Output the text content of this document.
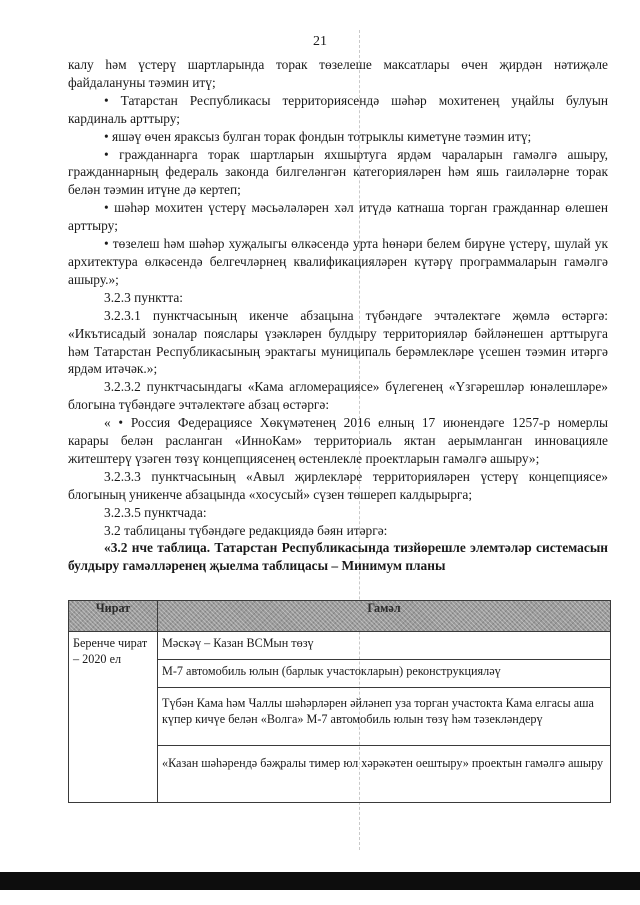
21

калу һәм үстерү шартларында торак төзелеше максатлары өчен җирдән нәтиҗәле файдалануны тәэмин итү;

• Татарстан Республикасы территориясендә шәһәр мохитенең уңайлы булуын кардиналь арттыру;

• яшәү өчен яраксыз булган торак фондын тотрыклы киметүне тәэмин итү;

• гражданнарга торак шартларын яхшыртуга ярдәм чараларын гамәлгә ашыру, гражданнарның федераль законда билгеләнгән категорияләрен һәм яшь гаиләләрне торак белән тәэмин итүне дә кертеп;

• шәһәр мохитен үстерү мәсьәләләрен хәл итүдә катнаша торган гражданнар өлешен арттыру;

• төзелеш һәм шәһәр хуҗалыгы өлкәсендә урта һөнәри белем бирүне үстерү, шулай ук архитектура өлкәсендә белгечләрнең квалификацияләрен күтәрү программаларын гамәлгә ашыру.»;

3.2.3 пунктта:

3.2.3.1 пунктчасының икенче абзацына түбәндәге эчтәлектәге җөмлә өстәргә: «Икътисадый зоналар пояслары үзәкләрен булдыру территорияләр бәйләнешен арттыруга һәм Татарстан Республикасының эрактагы муниципаль берәмлекләре үсешен тәэмин итәргә ярдәм итәчәк.»;

3.2.3.2 пунктчасындагы «Кама агломерациясе» бүлегенең «Үзгәрешләр юнәлешләре» блогына түбәндәге эчтәлектәге абзац өстәргә:

« • Россия Федерациясе Хөкүмәтенең 2016 елның 17 июнендәге 1257-р номерлы карары белән расланган «ИнноКам» территориаль яктан аерымланган инновацияле житештерү үзәген төзү концепциясенең өстенлекле проектларын гамәлгә ашыру»;

3.2.3.3 пунктчасының «Авыл җирлекләре территорияләрен үстерү концепциясе» блогының уникенче абзацында «хосусый» сүзен төшереп калдырырга;

3.2.3.5 пунктчада:

3.2 таблицаны түбәндәге редакциядә бәян итәргә:

«3.2 нче таблица. Татарстан Республикасында тизйөрешле элемтәләр системасын булдыру гамәлләренең җыелма таблицасы – Минимум планы

Чират	Гамәл
Беренче чират – 2020 ел	Мәскәү – Казан ВСМын төзү
	М-7 автомобиль юлын (барлык участокларын) реконструкцияләү
	Түбән Кама һәм Чаллы шәһәрләрен әйләнеп уза торган участокта Кама елгасы аша күпер кичүе белән «Волга» М-7 автомобиль юлын төзү һәм тәзекләндерү
	«Казан шәһәрендә бәҗралы тимер юл хәрәкәтен оештыру» проектын гамәлгә ашыру
